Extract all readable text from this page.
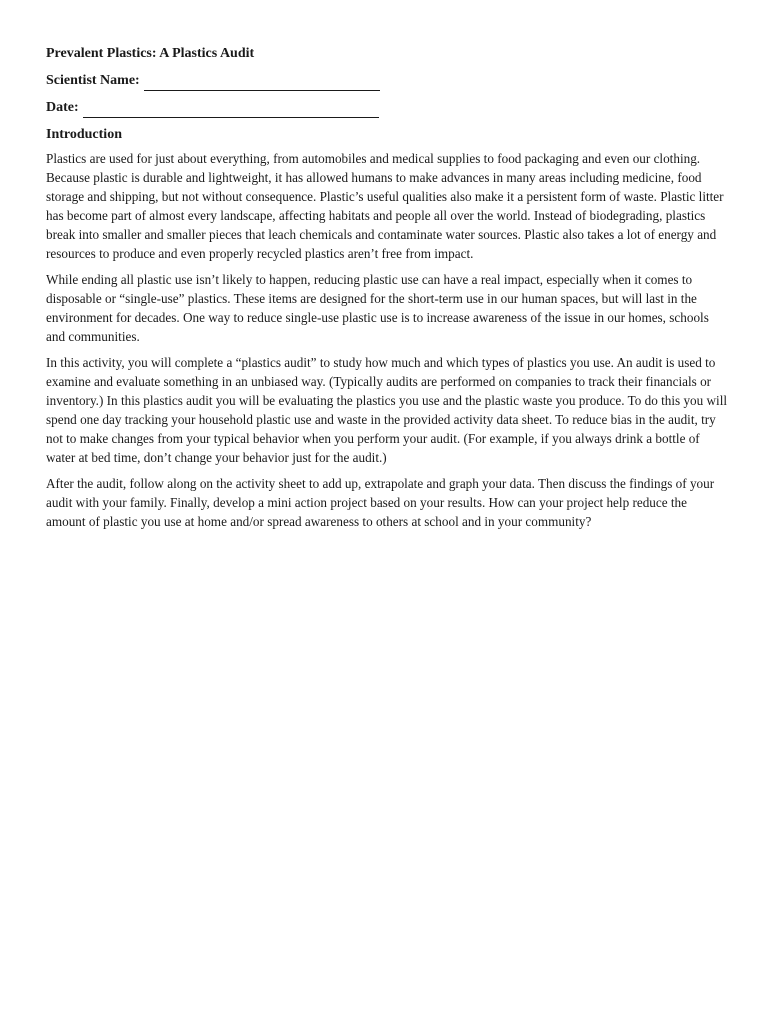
Prevalent Plastics: A Plastics Audit
Scientist Name:
Date:
Introduction

Plastics are used for just about everything, from automobiles and medical supplies to food packaging and even our clothing. Because plastic is durable and lightweight, it has allowed humans to make advances in many areas including medicine, food storage and shipping, but not without consequence. Plastic’s useful qualities also make it a persistent form of waste. Plastic litter has become part of almost every landscape, affecting habitats and people all over the world. Instead of biodegrading, plastics break into smaller and smaller pieces that leach chemicals and contaminate water sources. Plastic also takes a lot of energy and resources to produce and even properly recycled plastics aren’t free from impact.

While ending all plastic use isn’t likely to happen, reducing plastic use can have a real impact, especially when it comes to disposable or “single-use” plastics. These items are designed for the short-term use in our human spaces, but will last in the environment for decades. One way to reduce single-use plastic use is to increase awareness of the issue in our homes, schools and communities.

In this activity, you will complete a “plastics audit” to study how much and which types of plastics you use. An audit is used to examine and evaluate something in an unbiased way. (Typically audits are performed on companies to track their financials or inventory.) In this plastics audit you will be evaluating the plastics you use and the plastic waste you produce. To do this you will spend one day tracking your household plastic use and waste in the provided activity data sheet. To reduce bias in the audit, try not to make changes from your typical behavior when you perform your audit. (For example, if you always drink a bottle of water at bed time, don’t change your behavior just for the audit.)

After the audit, follow along on the activity sheet to add up, extrapolate and graph your data. Then discuss the findings of your audit with your family. Finally, develop a mini action project based on your results. How can your project help reduce the amount of plastic you use at home and/or spread awareness to others at school and in your community?
